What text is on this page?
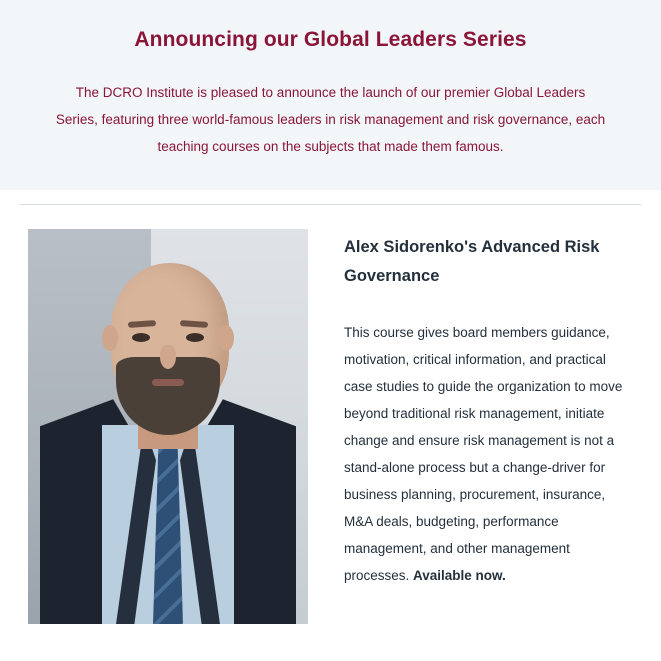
Announcing our Global Leaders Series

The DCRO Institute is pleased to announce the launch of our premier Global Leaders Series, featuring three world-famous leaders in risk management and risk governance, each teaching courses on the subjects that made them famous.

Alex Sidorenko's Advanced Risk Governance

This course gives board members guidance, motivation, critical information, and practical case studies to guide the organization to move beyond traditional risk management, initiate change and ensure risk management is not a stand-alone process but a change-driver for business planning, procurement, insurance, M&A deals, budgeting, performance management, and other management processes. Available now.
